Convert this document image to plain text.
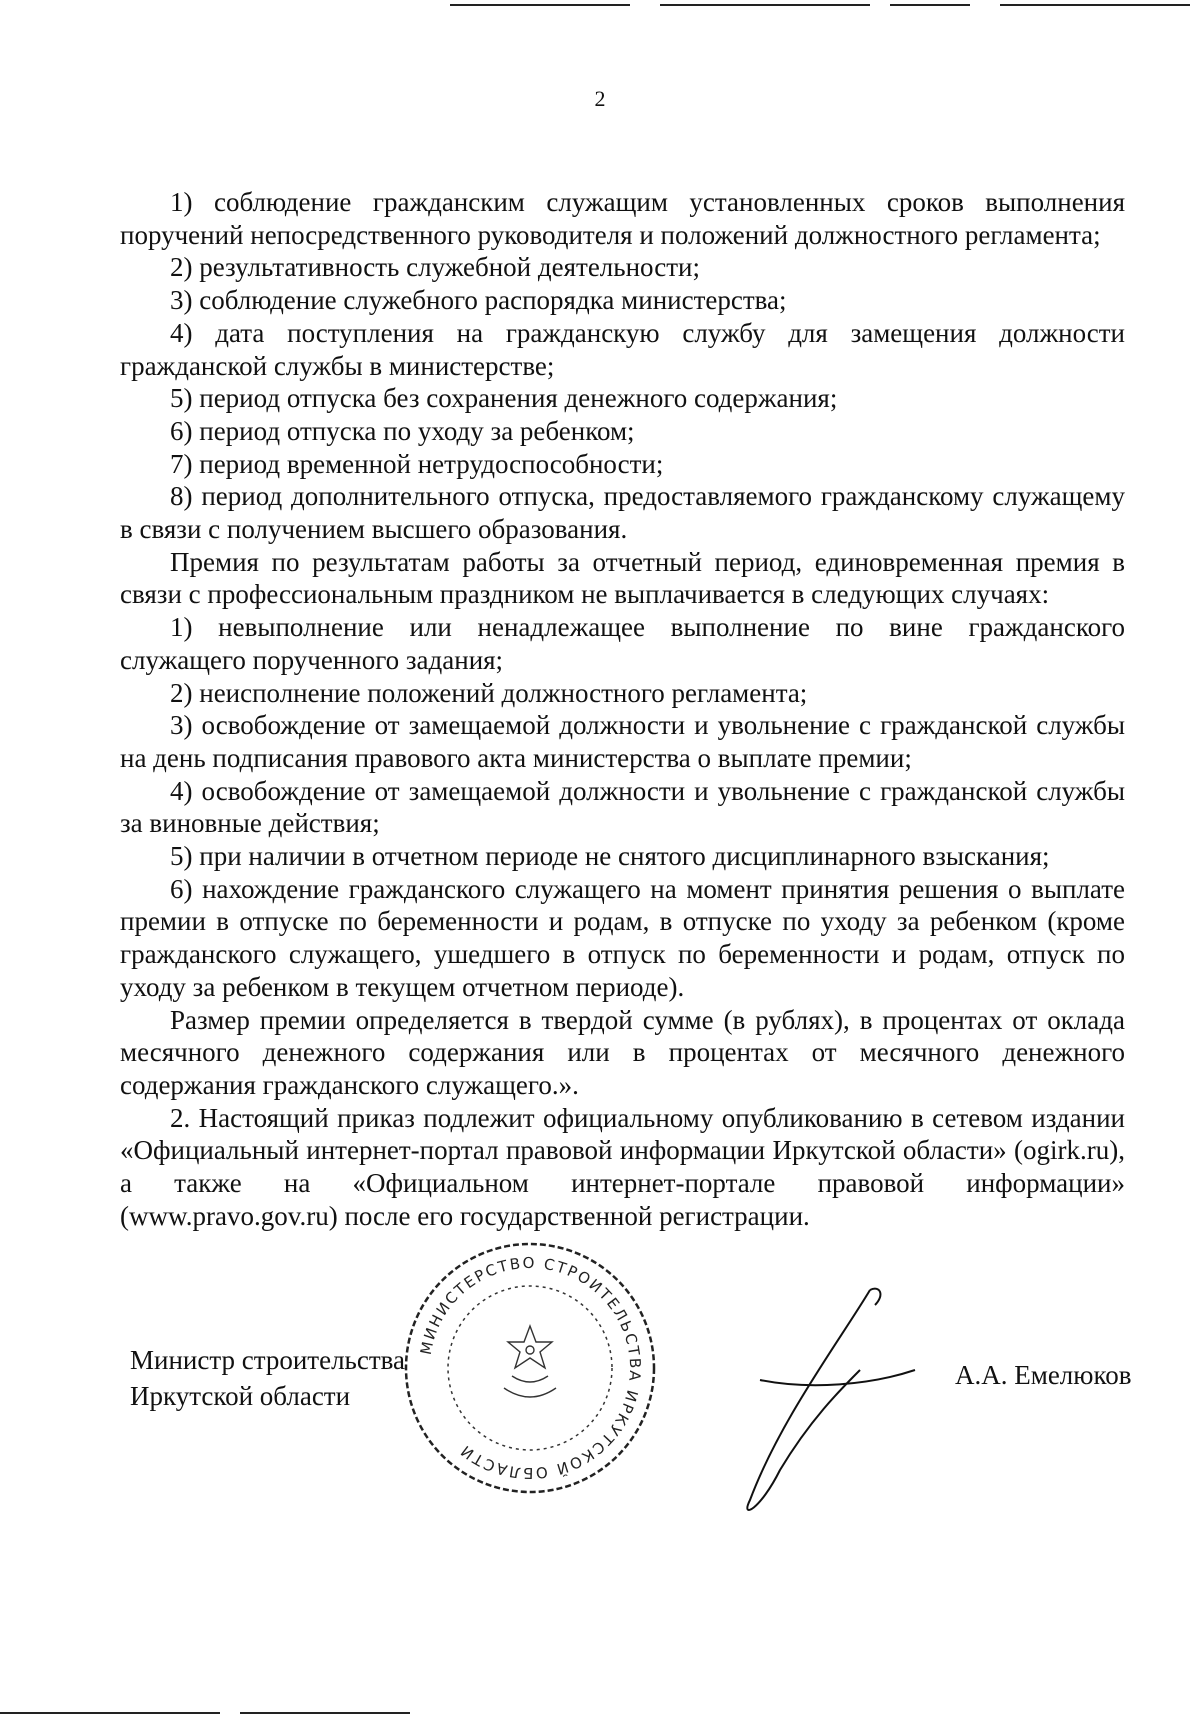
2

1) соблюдение гражданским служащим установленных сроков выполнения поручений непосредственного руководителя и положений должностного регламента;

2) результативность служебной деятельности;

3) соблюдение служебного распорядка министерства;

4) дата поступления на гражданскую службу для замещения должности гражданской службы в министерстве;

5) период отпуска без сохранения денежного содержания;

6) период отпуска по уходу за ребенком;

7) период временной нетрудоспособности;

8) период дополнительного отпуска, предоставляемого гражданскому служащему в связи с получением высшего образования.

Премия по результатам работы за отчетный период, единовременная премия в связи с профессиональным праздником не выплачивается в следующих случаях:

1) невыполнение или ненадлежащее выполнение по вине гражданского служащего порученного задания;

2) неисполнение положений должностного регламента;

3) освобождение от замещаемой должности и увольнение с гражданской службы на день подписания правового акта министерства о выплате премии;

4) освобождение от замещаемой должности и увольнение с гражданской службы за виновные действия;

5) при наличии в отчетном периоде не снятого дисциплинарного взыскания;

6) нахождение гражданского служащего на момент принятия решения о выплате премии в отпуске по беременности и родам, в отпуске по уходу за ребенком (кроме гражданского служащего, ушедшего в отпуск по беременности и родам, отпуск по уходу за ребенком в текущем отчетном периоде).

Размер премии определяется в твердой сумме (в рублях), в процентах от оклада месячного денежного содержания или в процентах от месячного денежного содержания гражданского служащего.».

2. Настоящий приказ подлежит официальному опубликованию в сетевом издании «Официальный интернет-портал правовой информации Иркутской области» (ogirk.ru), а также на «Официальном интернет-портале правовой информации» (www.pravo.gov.ru) после его государственной регистрации.

Министр строительства
Иркутской области
МИНИСТЕРСТВО СТРОИТЕЛЬСТВА ИРКУТСКОЙ ОБЛАСТИ
А.А. Емелюков
